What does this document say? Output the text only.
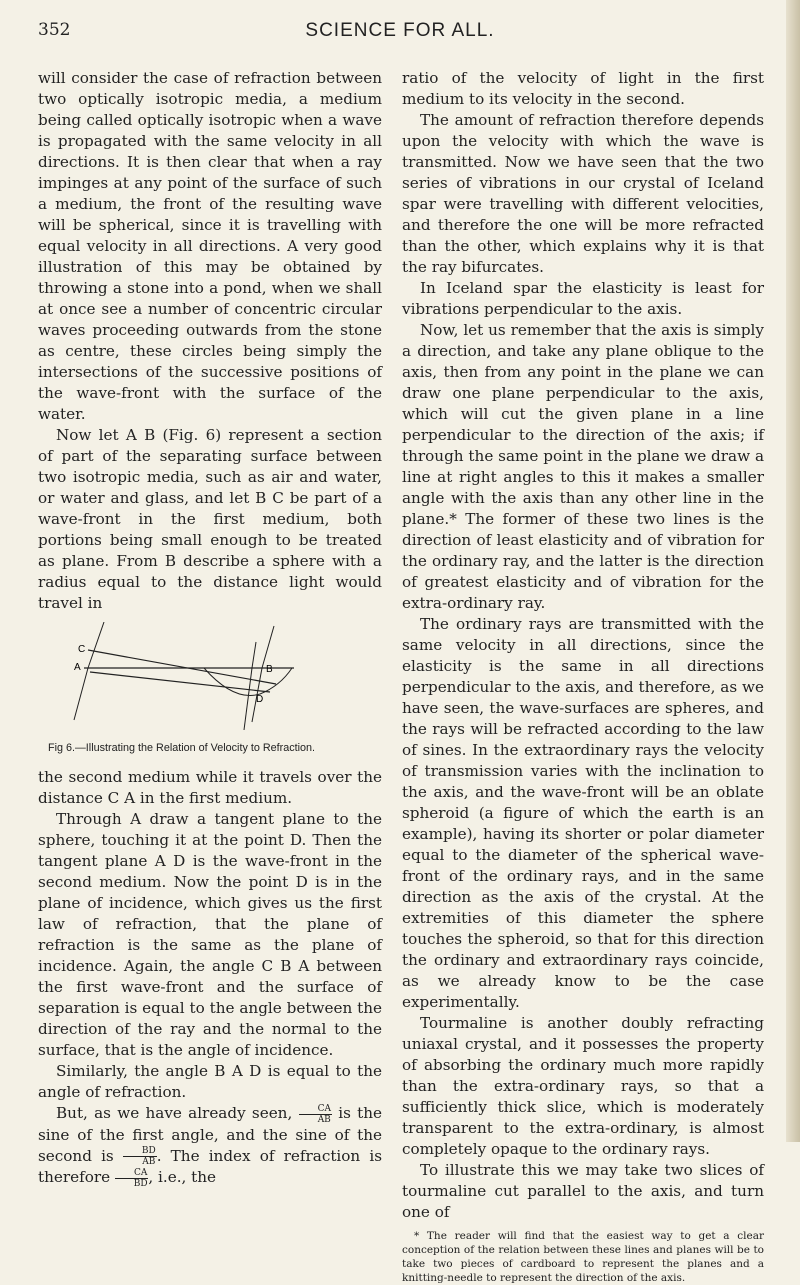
352	SCIENCE FOR ALL.

will consider the case of refraction between two optically isotropic media, a medium being called optically isotropic when a wave is propagated with the same velocity in all directions. It is then clear that when a ray impinges at any point of the surface of such a medium, the front of the resulting wave will be spherical, since it is travelling with equal velocity in all directions. A very good illustration of this may be obtained by throwing a stone into a pond, when we shall at once see a number of concentric circular waves proceeding outwards from the stone as centre, these circles being simply the intersections of the successive positions of the wave-front with the surface of the water.

Now let A B (Fig. 6) represent a section of part of the separating surface between two isotropic media, such as air and water, or water and glass, and let B C be part of a wave-front in the first medium, both portions being small enough to be treated as plane. From B describe a sphere with a radius equal to the distance light would travel in

C
A	B
D
Fig 6.—Illustrating the Relation of Velocity to Refraction.

the second medium while it travels over the distance C A in the first medium.

Through A draw a tangent plane to the sphere, touching it at the point D. Then the tangent plane A D is the wave-front in the second medium. Now the point D is in the plane of incidence, which gives us the first law of refraction, that the plane of refraction is the same as the plane of incidence. Again, the angle C B A between the first wave-front and the surface of separation is equal to the angle between the direction of the ray and the normal to the surface, that is the angle of incidence.

Similarly, the angle B A D is equal to the angle of refraction.

But, as we have already seen, $\frac{CA}{AB}$ is the sine of the first angle, and the sine of the second is $\frac{BD}{AB}$ . The index of refraction is therefore $\frac{CA}{BD}$ , i.e., the

ratio of the velocity of light in the first medium to its velocity in the second.

The amount of refraction therefore depends upon the velocity with which the wave is transmitted. Now we have seen that the two series of vibrations in our crystal of Iceland spar were travelling with different velocities, and therefore the one will be more refracted than the other, which explains why it is that the ray bifurcates.

In Iceland spar the elasticity is least for vibrations perpendicular to the axis.

Now, let us remember that the axis is simply a direction, and take any plane oblique to the axis, then from any point in the plane we can draw one plane perpendicular to the axis, which will cut the given plane in a line perpendicular to the direction of the axis; if through the same point in the plane we draw a line at right angles to this it makes a smaller angle with the axis than any other line in the plane.* The former of these two lines is the direction of least elasticity and of vibration for the ordinary ray, and the latter is the direction of greatest elasticity and of vibration for the extra-ordinary ray.

The ordinary rays are transmitted with the same velocity in all directions, since the elasticity is the same in all directions perpendicular to the axis, and therefore, as we have seen, the wave-surfaces are spheres, and the rays will be refracted according to the law of sines. In the extraordinary rays the velocity of transmission varies with the inclination to the axis, and the wave-front will be an oblate spheroid (a figure of which the earth is an example), having its shorter or polar diameter equal to the diameter of the spherical wave-front of the ordinary rays, and in the same direction as the axis of the crystal. At the extremities of this diameter the sphere touches the spheroid, so that for this direction the ordinary and extraordinary rays coincide, as we already know to be the case experimentally.

Tourmaline is another doubly refracting uniaxal crystal, and it possesses the property of absorbing the ordinary much more rapidly than the extra-ordinary rays, so that a sufficiently thick slice, which is moderately transparent to the extra-ordinary, is almost completely opaque to the ordinary rays.

To illustrate this we may take two slices of tourmaline cut parallel to the axis, and turn one of

* The reader will find that the easiest way to get a clear conception of the relation between these lines and planes will be to take two pieces of cardboard to represent the planes and a knitting-needle to represent the direction of the axis.
